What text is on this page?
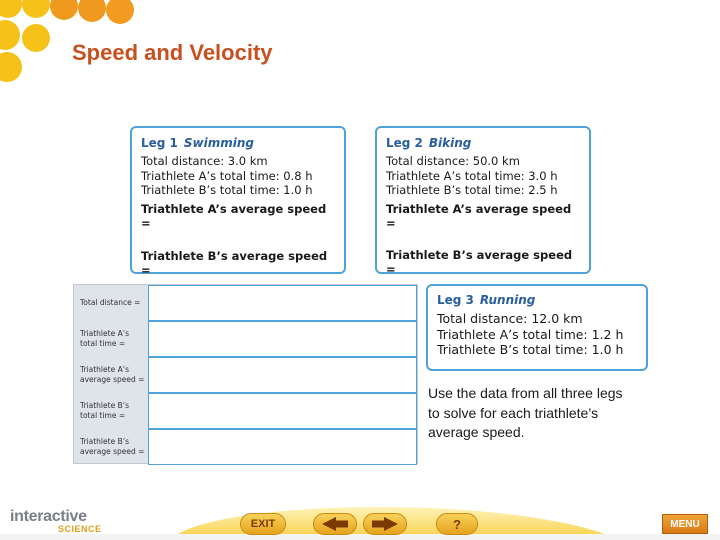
Speed and Velocity
Leg 1 Swimming
Total distance: 3.0 km
Triathlete A’s total time: 0.8 h
Triathlete B’s total time: 1.0 h
Triathlete A’s average speed =
Triathlete B’s average speed =
Leg 2 Biking
Total distance: 50.0 km
Triathlete A’s total time: 3.0 h
Triathlete B’s total time: 2.5 h
Triathlete A’s average speed =
Triathlete B’s average speed =
Total distance =
Triathlete A’s
total time =
Triathlete A’s
average speed =
Triathlete B’s
total time =
Triathlete B’s
average speed =
Leg 3 Running
Total distance: 12.0 km
Triathlete A’s total time: 1.2 h
Triathlete B’s total time: 1.0 h

Use the data from all three legs to solve for each triathlete’s average speed.

interactive
SCIENCE	EXIT	?	MENU
